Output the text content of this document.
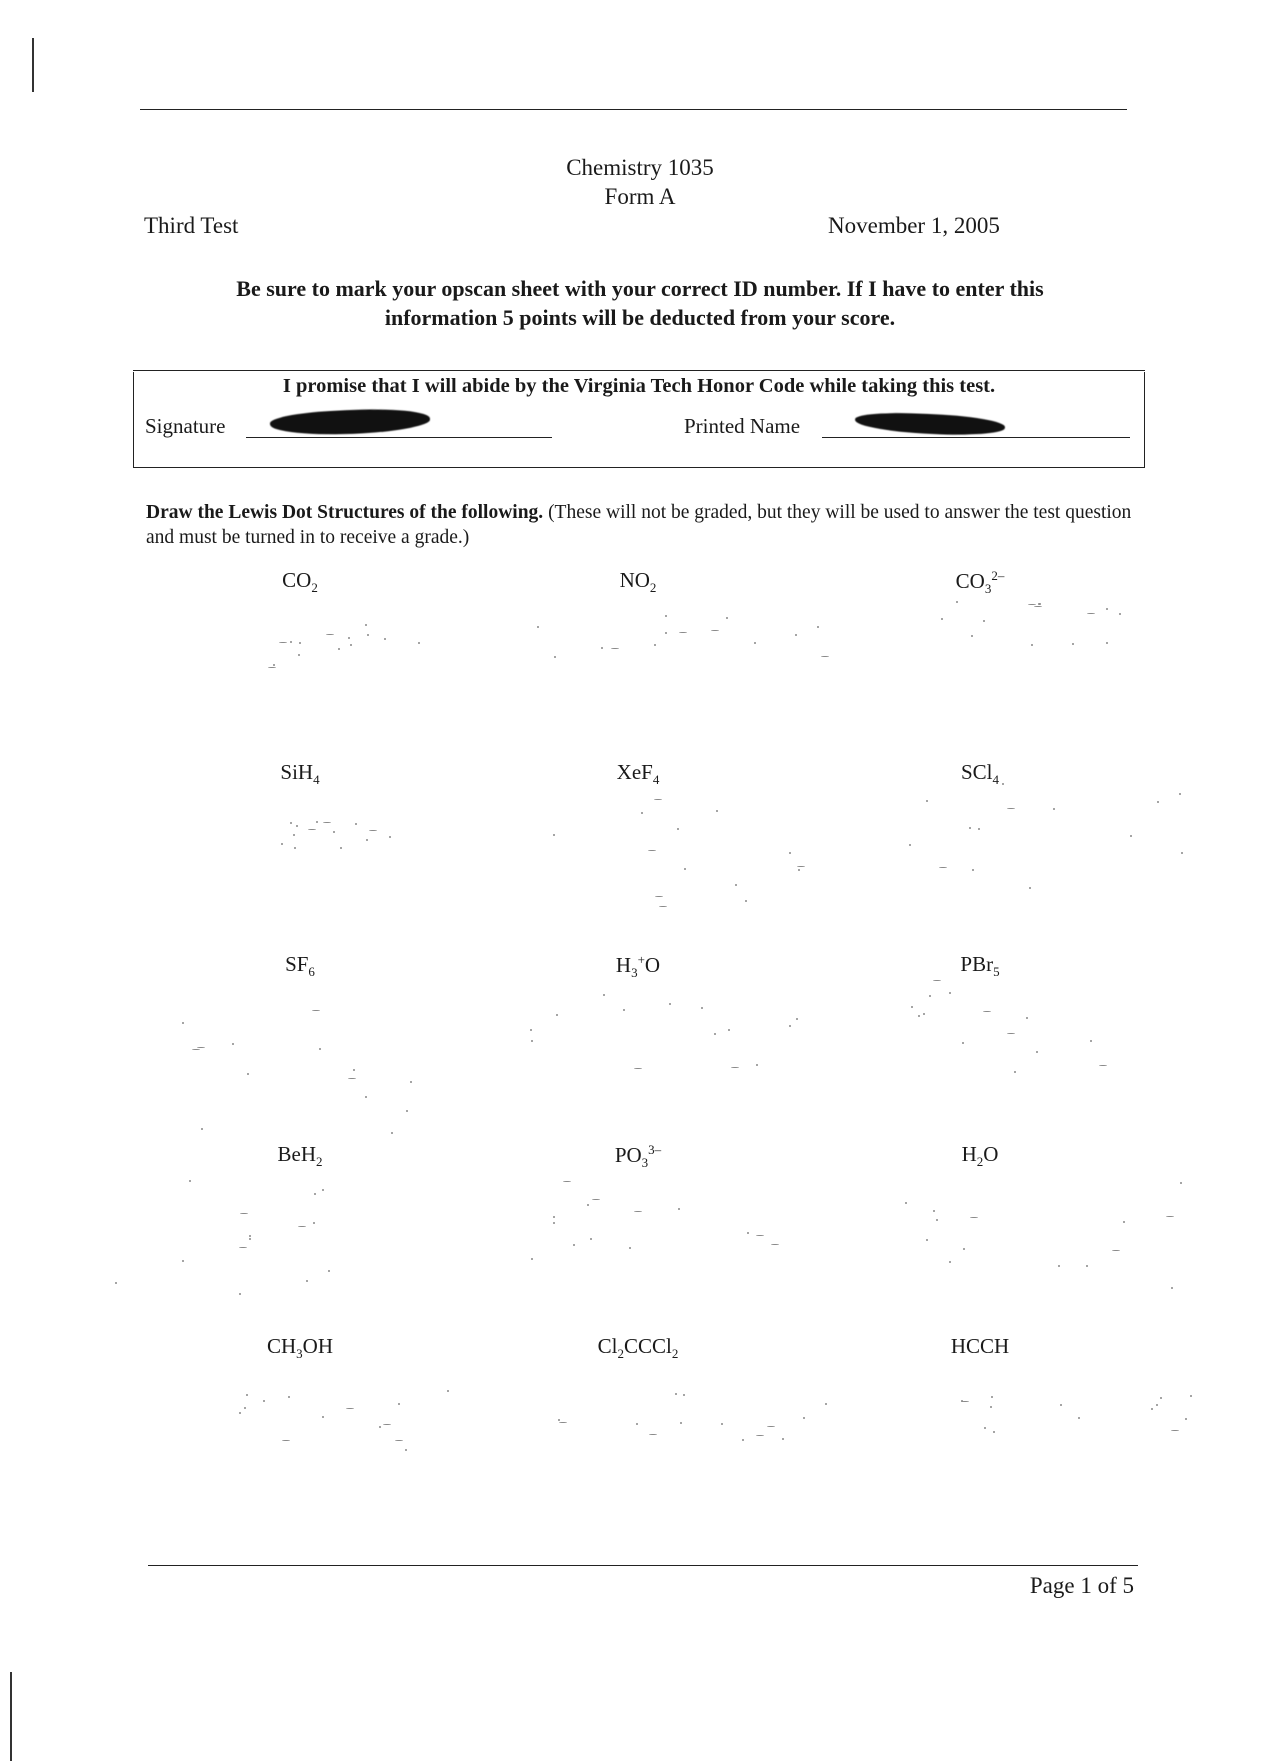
Chemistry 1035
Form A
Third Test	November 1, 2005
Be sure to mark your opscan sheet with your correct ID number. If I have to enter this
information 5 points will be deducted from your score.
I promise that I will abide by the Virginia Tech Honor Code while taking this test.
Signature	Printed Name
Draw the Lewis Dot Structures of the following. (These will not be graded, but they will be used to answer the test question and must be turned in to receive a grade.)
$CO_2$	$NO_2$	$CO_3^{2-}$
SiH$_4$	XeF$_4$	SCl$_4$
$SF_6$	$H_3^+O$	PBr$_5$
BeH$_2$	$PO_3^{3-}$	$H_2O$
$CH_3OH$	$Cl_2CCCl_2$	HCCH
Page 1 of 5
